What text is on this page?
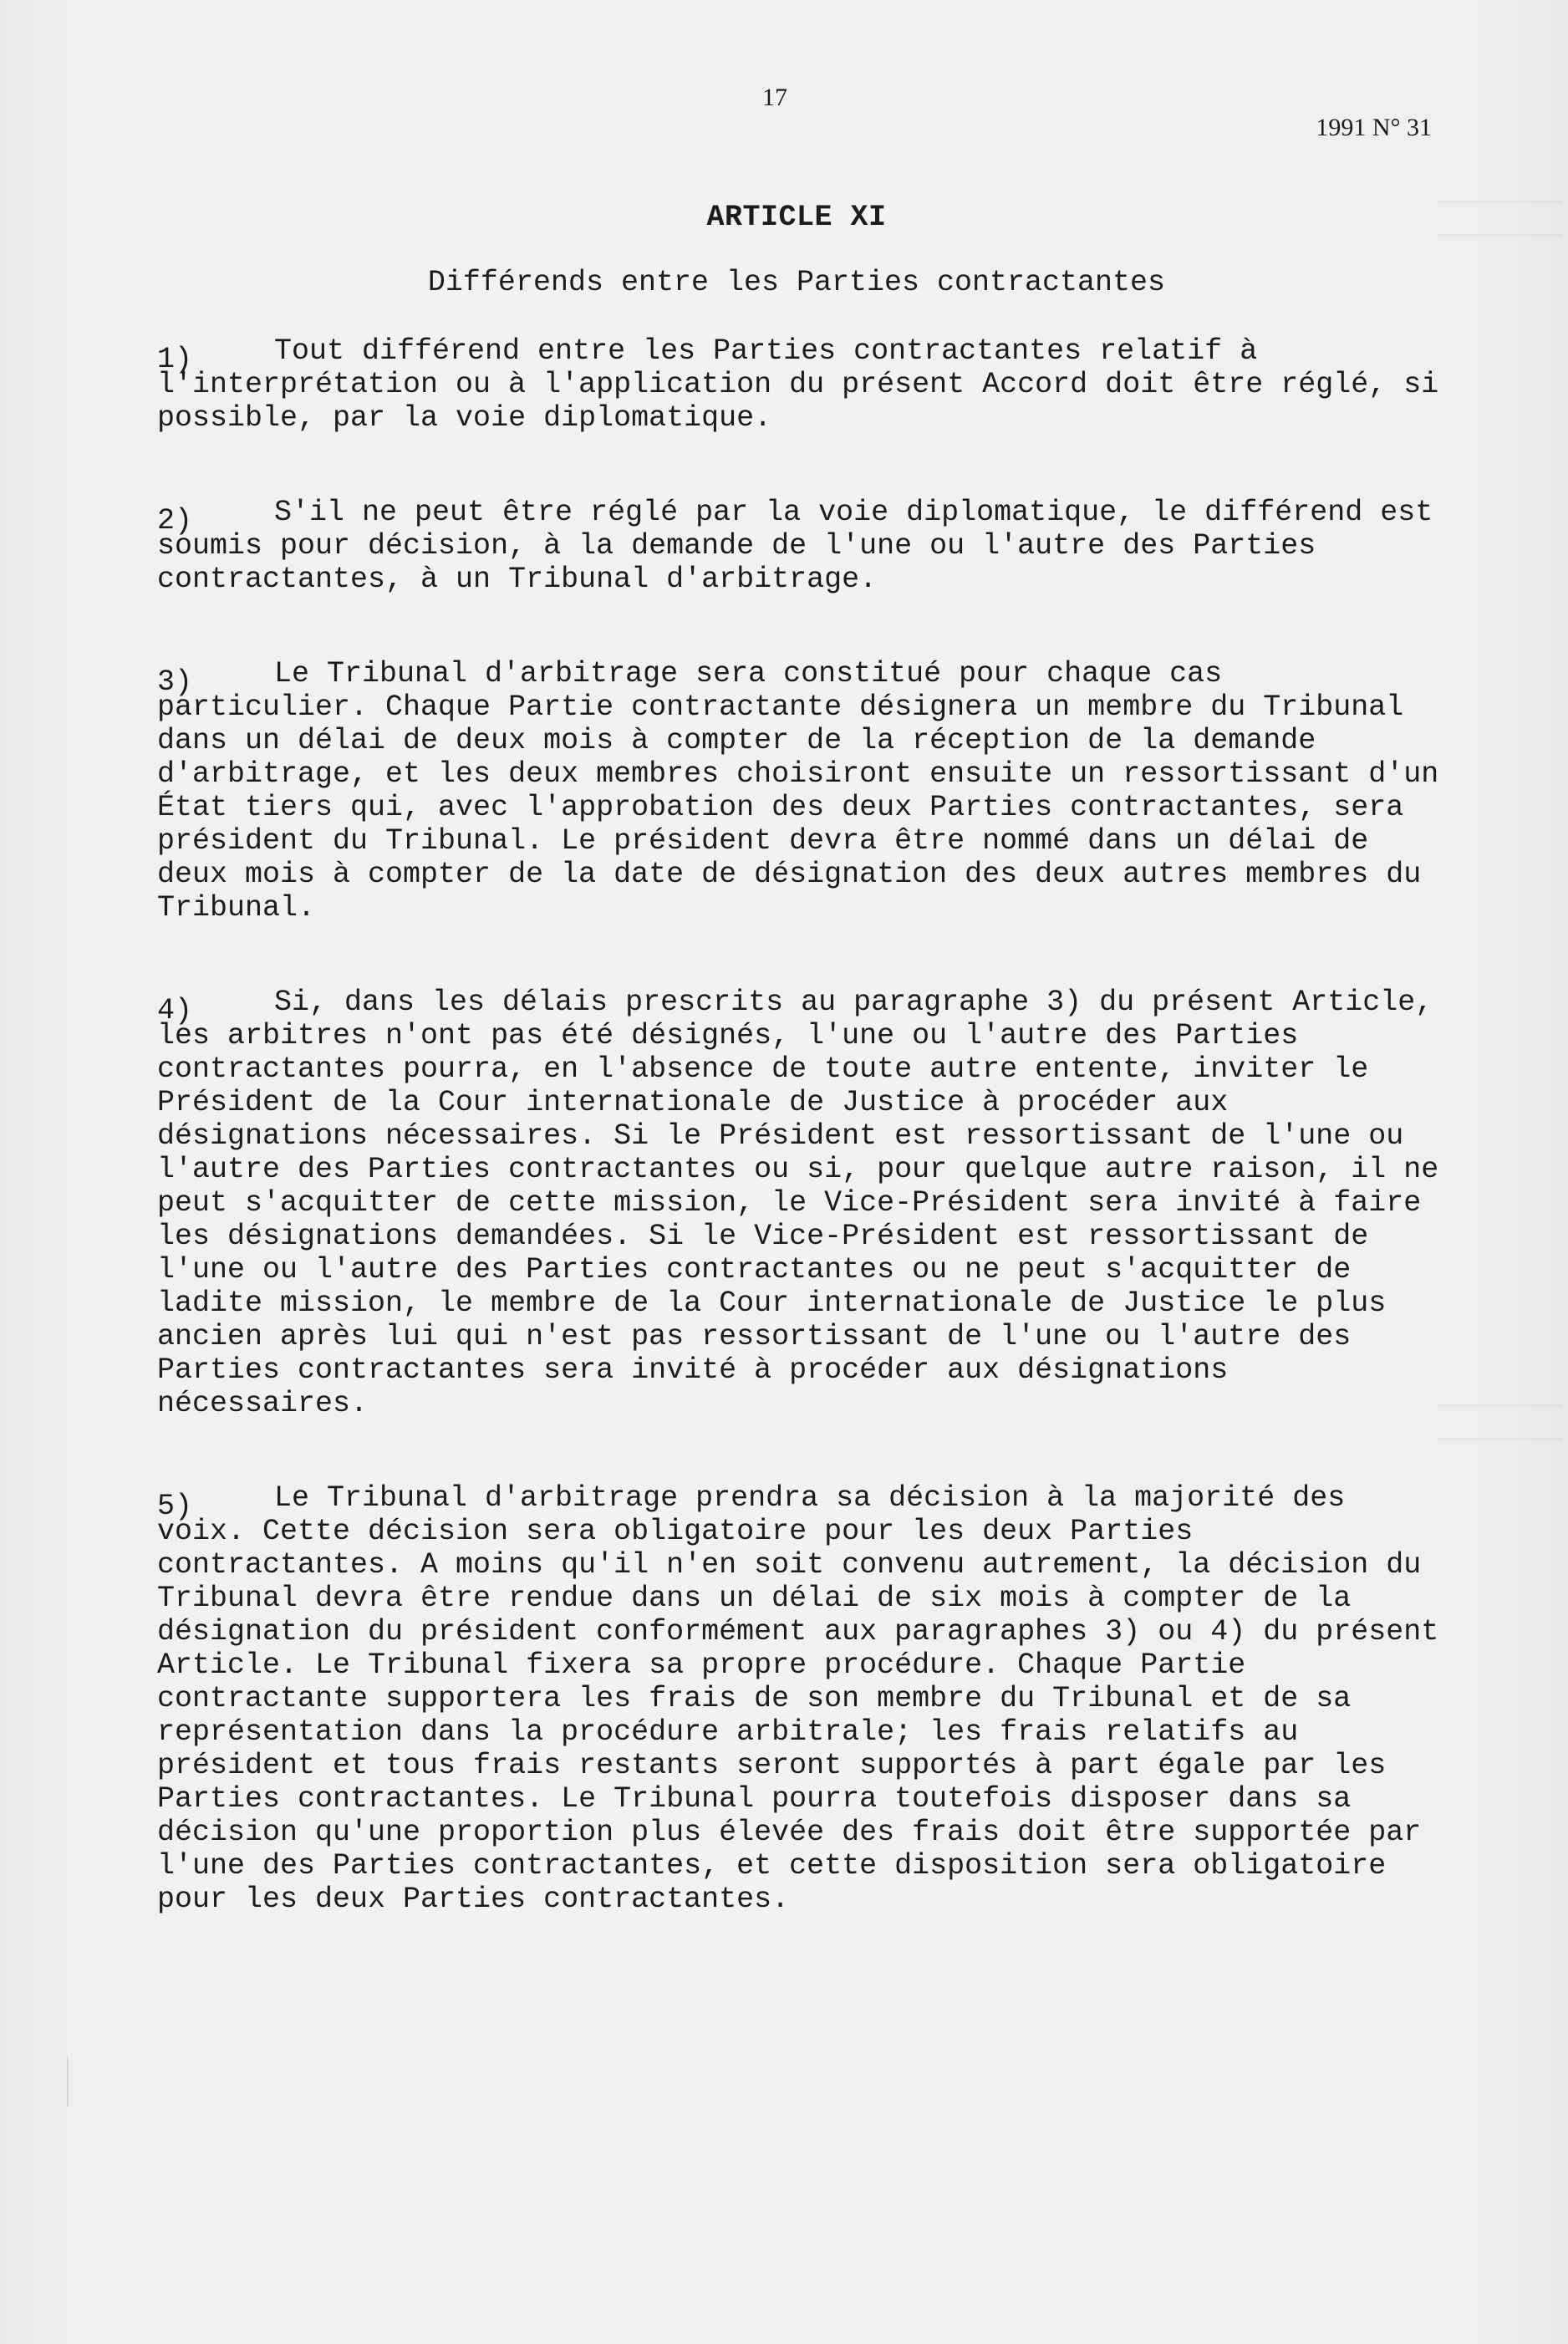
17
1991 N° 31
ARTICLE XI
Différends entre les Parties contractantes

1)	Tout différend entre les Parties contractantes relatif à l'interprétation ou à l'application du présent Accord doit être réglé, si possible, par la voie diplomatique.

2)	S'il ne peut être réglé par la voie diplomatique, le différend est soumis pour décision, à la demande de l'une ou l'autre des Parties contractantes, à un Tribunal d'arbitrage.

3)	Le Tribunal d'arbitrage sera constitué pour chaque cas particulier. Chaque Partie contractante désignera un membre du Tribunal dans un délai de deux mois à compter de la réception de la demande d'arbitrage, et les deux membres choisiront ensuite un ressortissant d'un État tiers qui, avec l'approbation des deux Parties contractantes, sera président du Tribunal. Le président devra être nommé dans un délai de deux mois à compter de la date de désignation des deux autres membres du Tribunal.

4)	Si, dans les délais prescrits au paragraphe 3) du présent Article, les arbitres n'ont pas été désignés, l'une ou l'autre des Parties contractantes pourra, en l'absence de toute autre entente, inviter le Président de la Cour internationale de Justice à procéder aux désignations nécessaires. Si le Président est ressortissant de l'une ou l'autre des Parties contractantes ou si, pour quelque autre raison, il ne peut s'acquitter de cette mission, le Vice-Président sera invité à faire les désignations demandées. Si le Vice-Président est ressortissant de l'une ou l'autre des Parties contractantes ou ne peut s'acquitter de ladite mission, le membre de la Cour internationale de Justice le plus ancien après lui qui n'est pas ressortissant de l'une ou l'autre des Parties contractantes sera invité à procéder aux désignations nécessaires.

5)	Le Tribunal d'arbitrage prendra sa décision à la majorité des voix. Cette décision sera obligatoire pour les deux Parties contractantes. A moins qu'il n'en soit convenu autrement, la décision du Tribunal devra être rendue dans un délai de six mois à compter de la désignation du président conformément aux paragraphes 3) ou 4) du présent Article. Le Tribunal fixera sa propre procédure. Chaque Partie contractante supportera les frais de son membre du Tribunal et de sa représentation dans la procédure arbitrale; les frais relatifs au président et tous frais restants seront supportés à part égale par les Parties contractantes. Le Tribunal pourra toutefois disposer dans sa décision qu'une proportion plus élevée des frais doit être supportée par l'une des Parties contractantes, et cette disposition sera obligatoire pour les deux Parties contractantes.
